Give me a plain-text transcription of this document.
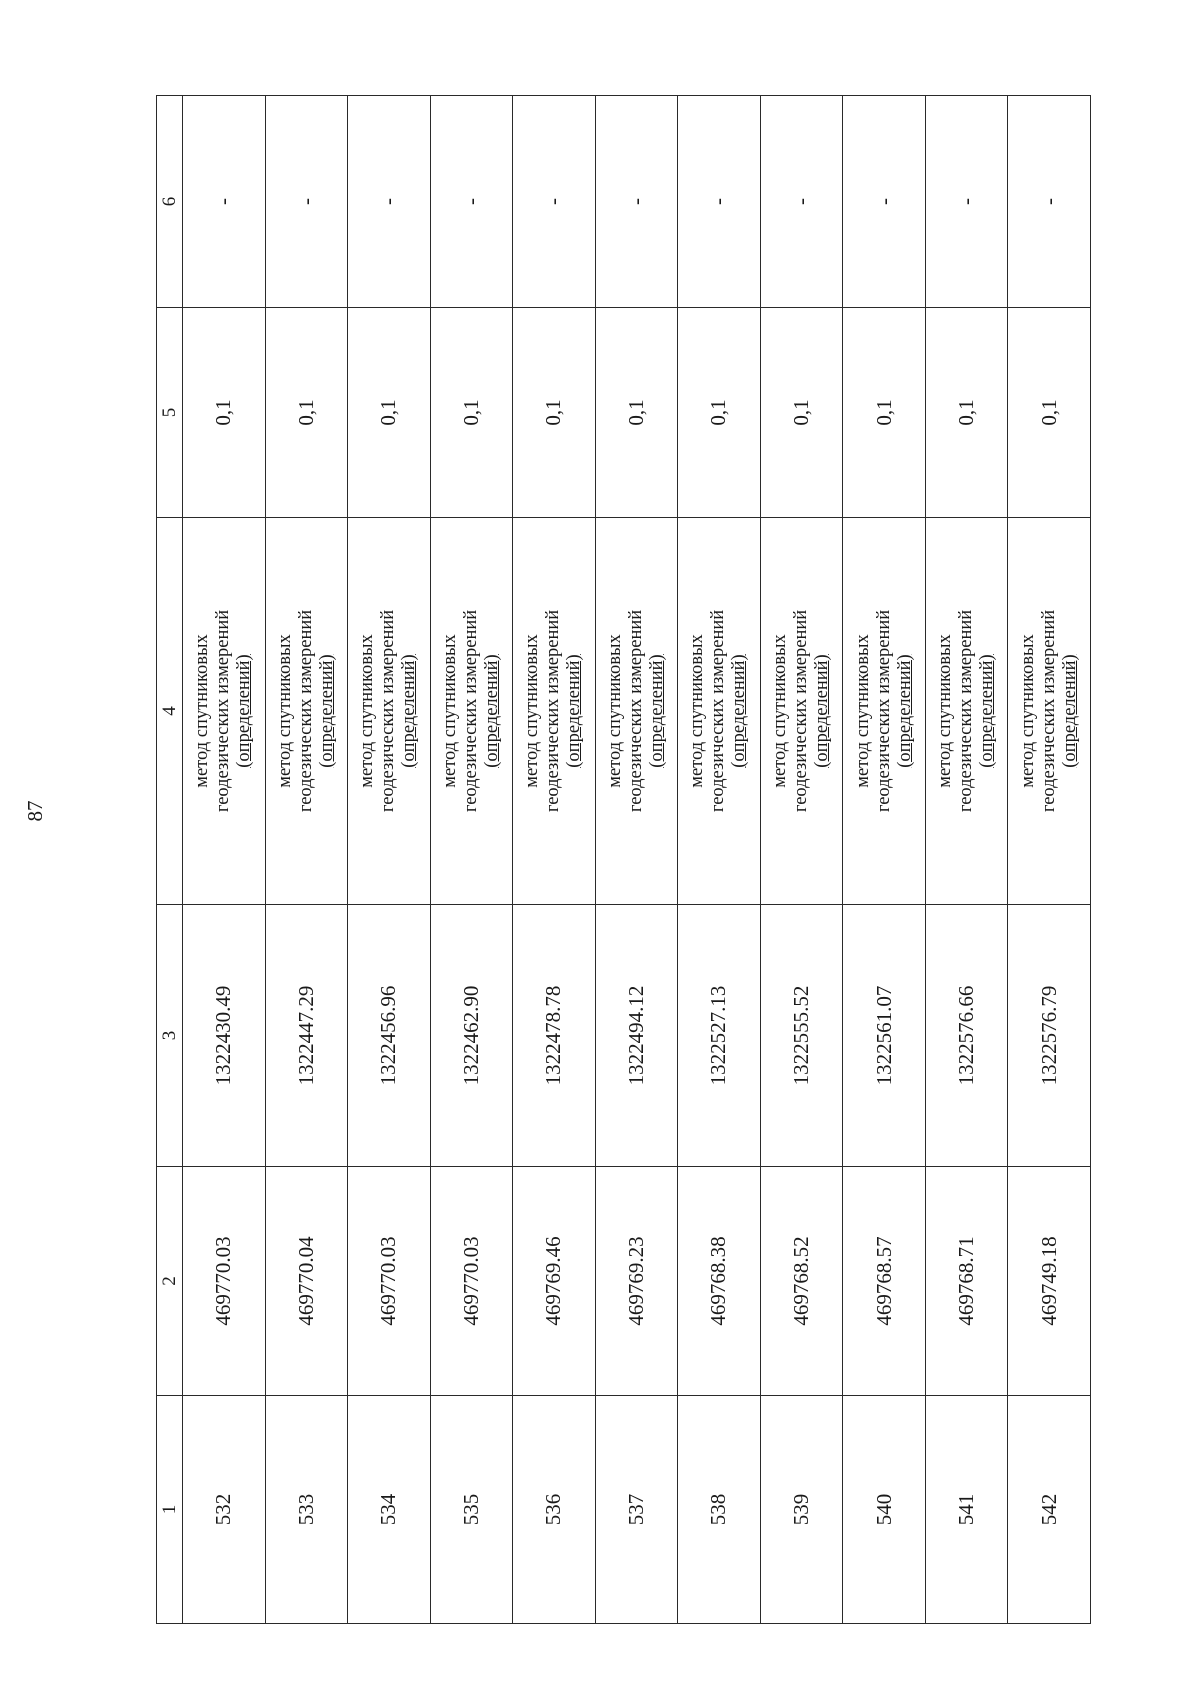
87
1	2	3	4	5	6
532	469770.03	1322430.49	метод спутниковых геодезических измерений (определений)	0,1	-
533	469770.04	1322447.29	метод спутниковых геодезических измерений (определений)	0,1	-
534	469770.03	1322456.96	метод спутниковых геодезических измерений (определений)	0,1	-
535	469770.03	1322462.90	метод спутниковых геодезических измерений (определений)	0,1	-
536	469769.46	1322478.78	метод спутниковых геодезических измерений (определений)	0,1	-
537	469769.23	1322494.12	метод спутниковых геодезических измерений (определений)	0,1	-
538	469768.38	1322527.13	метод спутниковых геодезических измерений (определений)	0,1	-
539	469768.52	1322555.52	метод спутниковых геодезических измерений (определений)	0,1	-
540	469768.57	1322561.07	метод спутниковых геодезических измерений (определений)	0,1	-
541	469768.71	1322576.66	метод спутниковых геодезических измерений (определений)	0,1	-
542	469749.18	1322576.79	метод спутниковых геодезических измерений (определений)	0,1	-
